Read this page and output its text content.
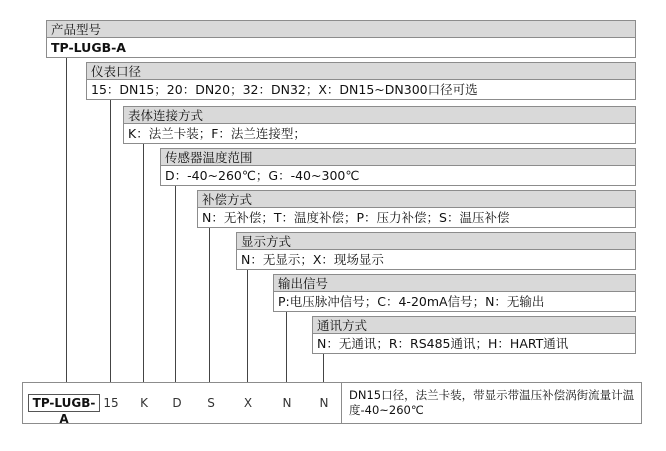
产品型号
TP-LUGB-A
仪表口径
15：DN15；20：DN20；32：DN32；X：DN15~DN300口径可选
表体连接方式
K：法兰卡装；F：法兰连接型；
传感器温度范围
D：-40~260℃；G：-40~300℃
补偿方式
N：无补偿；T：温度补偿；P：压力补偿；S：温压补偿
显示方式
N：无显示；X：现场显示
输出信号
P:电压脉冲信号；C：4-20mA信号；N：无输出
通讯方式
N：无通讯；R：RS485通讯；H：HART通讯
TP-LUGB-A
15	K	D	S	X	N N
DN15口径，法兰卡装，带显示带温压补偿涡街流量计温度-40~260℃
